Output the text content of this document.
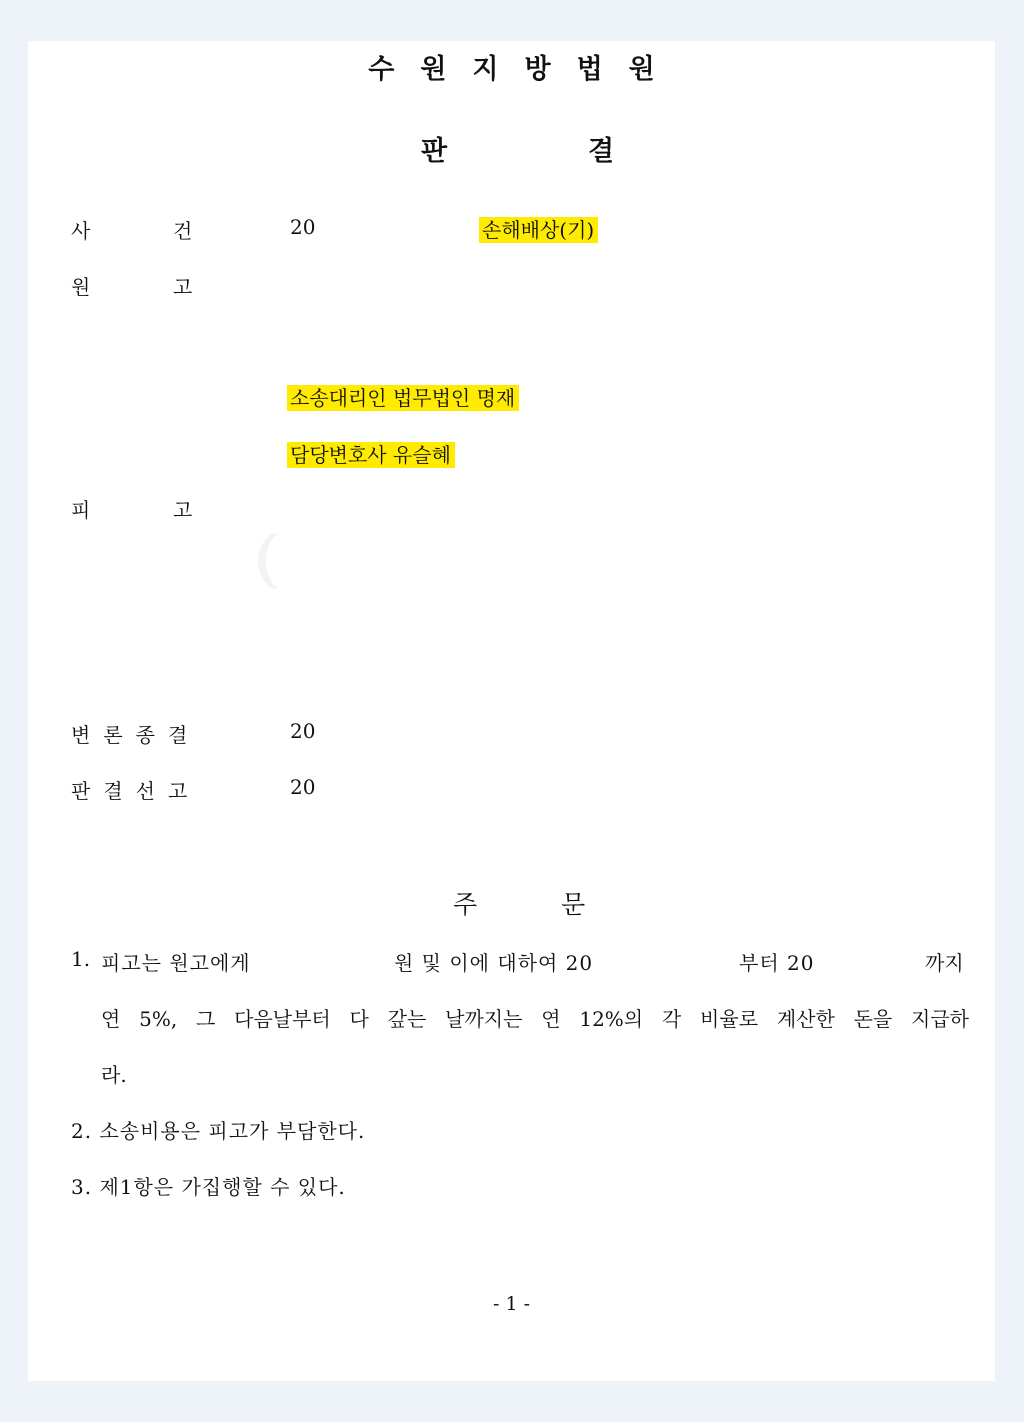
수원지방법원
판	결
사	건	20	손해배상(기)
원	고
소송대리인 법무법인 명재
담당변호사 유슬혜
피	고
변론종결	20
판결선고	20
주	문
1. 피고는 원고에게	원 및 이에 대하여 20	부터 20	까지
연 5%, 그 다음날부터 다 갚는 날까지는 연 12%의 각 비율로 계산한 돈을 지급하
라.
2. 소송비용은 피고가 부담한다.
3. 제1항은 가집행할 수 있다.
- 1 -
